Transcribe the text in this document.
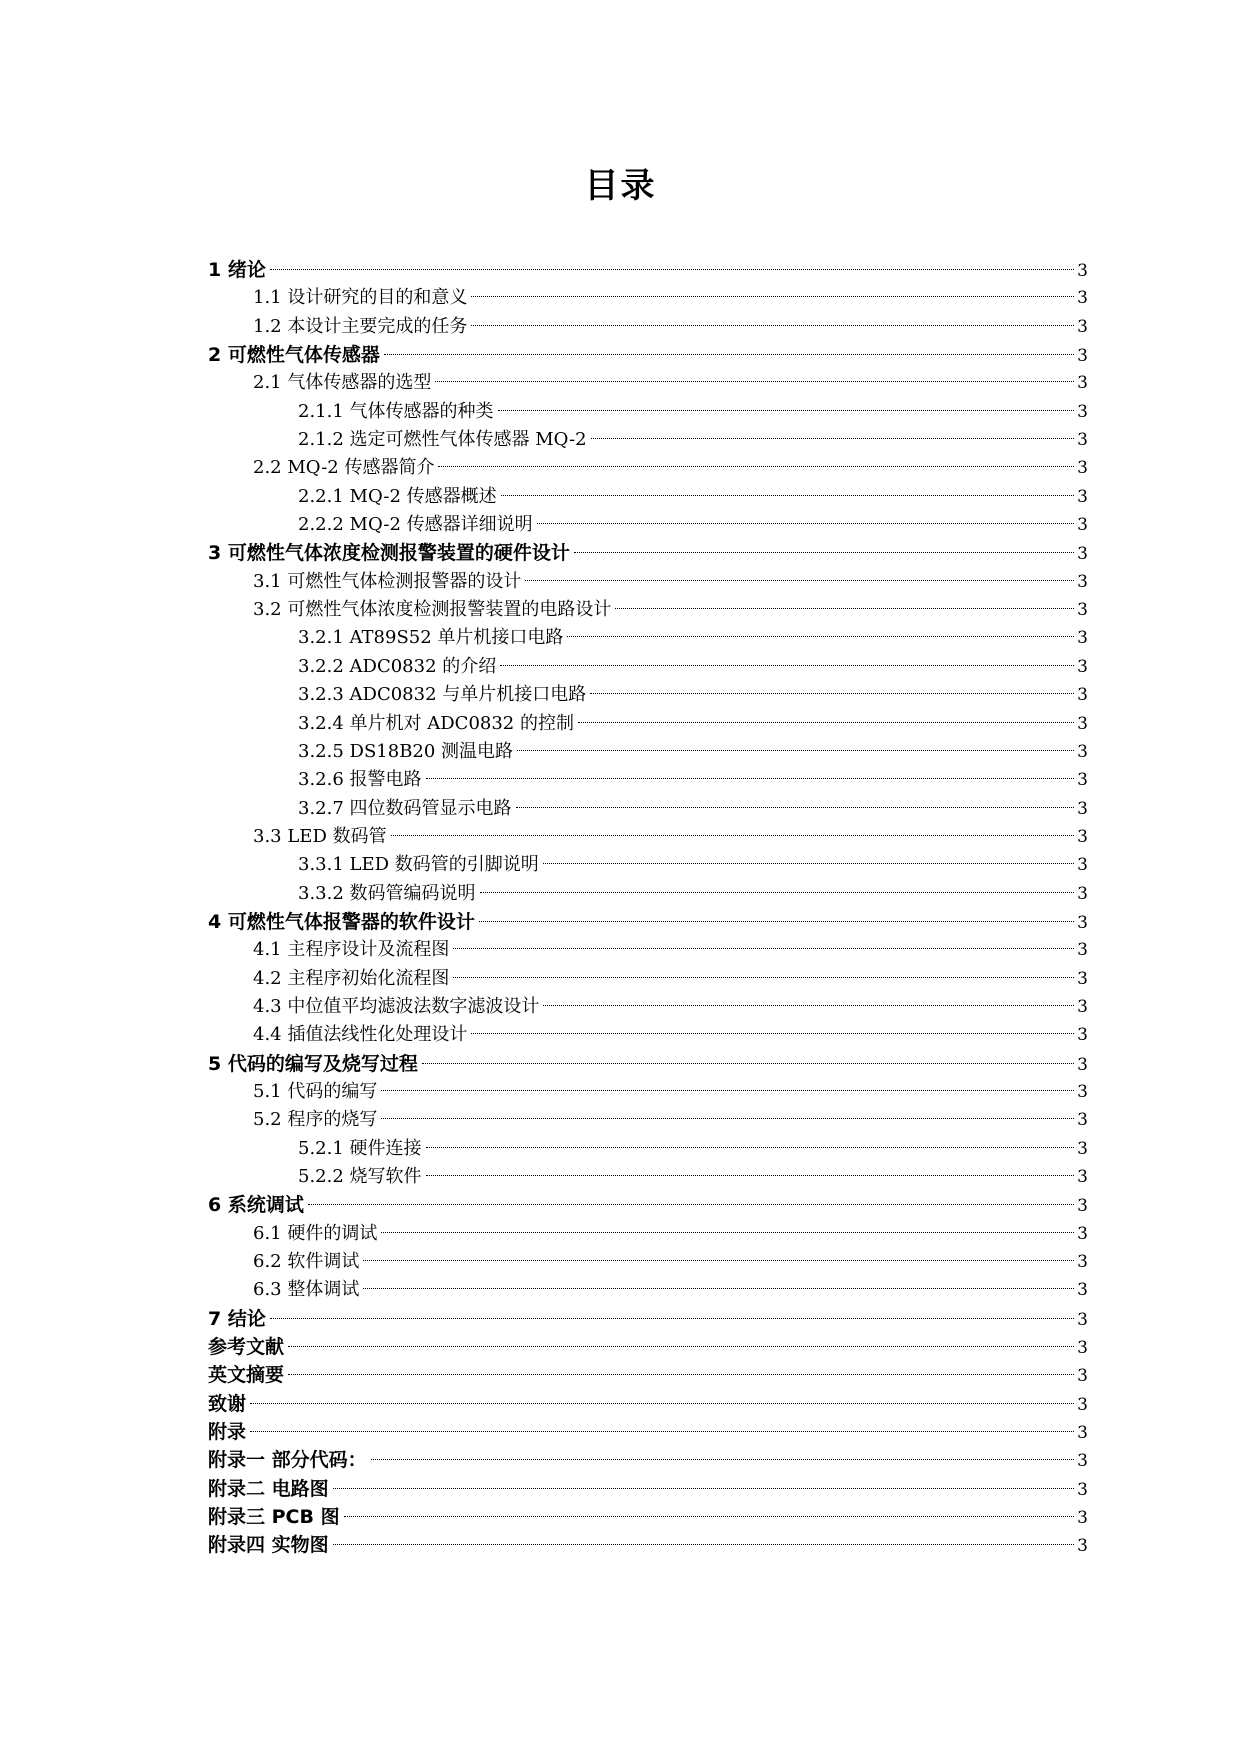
目录
1 绪论	3
1.1 设计研究的目的和意义	3
1.2 本设计主要完成的任务	3
2 可燃性气体传感器	3
2.1 气体传感器的选型	3
2.1.1 气体传感器的种类	3
2.1.2 选定可燃性气体传感器 MQ-2	3
2.2 MQ-2 传感器简介	3
2.2.1 MQ-2 传感器概述	3
2.2.2 MQ-2 传感器详细说明	3
3 可燃性气体浓度检测报警装置的硬件设计	3
3.1 可燃性气体检测报警器的设计	3
3.2 可燃性气体浓度检测报警装置的电路设计	3
3.2.1 AT89S52 单片机接口电路	3
3.2.2 ADC0832 的介绍	3
3.2.3 ADC0832 与单片机接口电路	3
3.2.4 单片机对 ADC0832 的控制	3
3.2.5 DS18B20 测温电路	3
3.2.6 报警电路	3
3.2.7 四位数码管显示电路	3
3.3 LED 数码管	3
3.3.1 LED 数码管的引脚说明	3
3.3.2 数码管编码说明	3
4 可燃性气体报警器的软件设计	3
4.1 主程序设计及流程图	3
4.2 主程序初始化流程图	3
4.3 中位值平均滤波法数字滤波设计	3
4.4 插值法线性化处理设计	3
5 代码的编写及烧写过程	3
5.1 代码的编写	3
5.2 程序的烧写	3
5.2.1 硬件连接	3
5.2.2 烧写软件	3
6 系统调试	3
6.1 硬件的调试	3
6.2 软件调试	3
6.3 整体调试	3
7 结论	3
参考文献	3
英文摘要	3
致谢	3
附录	3
附录一 部分代码：	3
附录二 电路图	3
附录三 PCB 图	3
附录四 实物图	3
